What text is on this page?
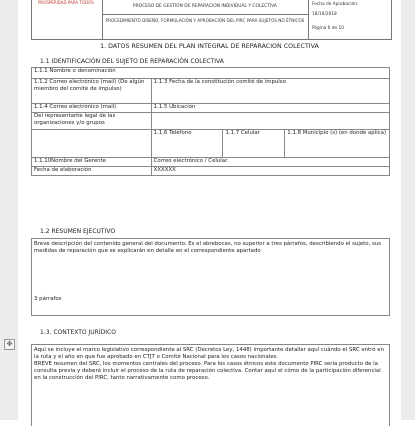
PROSPERIDAD PARA TODOS
PROCESO DE GESTIÓN DE REPARACIÓN INDIVIDUAL Y COLECTIVA
PROCEDIMIENTO DISEÑO, FORMULACIÓN Y APROBACIÓN DEL PIRC PARA SUJETOS NO ÉTNICOS
Fecha de Aprobación:
18/10/2018
Página 6 de 10
1. DATOS RESUMEN DEL PLAN INTEGRAL DE REPARACION COLECTIVA
1.1 IDENTIFICACIÓN DEL SUJETO DE REPARACIÓN COLECTIVA
1.1.1 Nombre o denominación			
1.1.2 Correo electrónico (mail) (De algún miembro del comité de impulso)	1.1.3 Fecha de la constitución comité de impulso		
1.1.4 Correo electrónico (mail)	1.1.5 Ubicación		
Del representante legal de las organizaciones y/o grupos			
	1.1.6 Teléfono	1.1.7 Celular	1.1.8 Municipio (s) (en donde aplica)
1.1.10Nombre del Gerente	Correo electrónico / Celular.		
Fecha de elaboración	XXXXXX		
1.2 RESUMEN EJECUTIVO
Breve descripción del contenido general del documento. Es el abrebocas, no superior a tres párrafos, describiendo el sujeto, sus medidas de reparación que se explicarán en detalle en el correspondiente apartado
3 párrafos
1.3. CONTEXTO JURÍDICO
Aquí se incluye el marco legislativo correspondiente al SRC (Decretos Ley, 1448) importante detallar aquí cuándo el SRC entró en la ruta y el año en que fue aprobado en CTJT o Comité Nacional para los casos nacionales.
BREVE resumen del SRC, los momentos centrales del proceso. Para los casos étnicos este documento PIRC sería producto de la consulta previa y deberá incluir el proceso de la ruta de reparación colectiva. Contar aquí el cómo de la participación diferencial en la construcción del PIRC, tanto narrativamente como proceso.
✥
